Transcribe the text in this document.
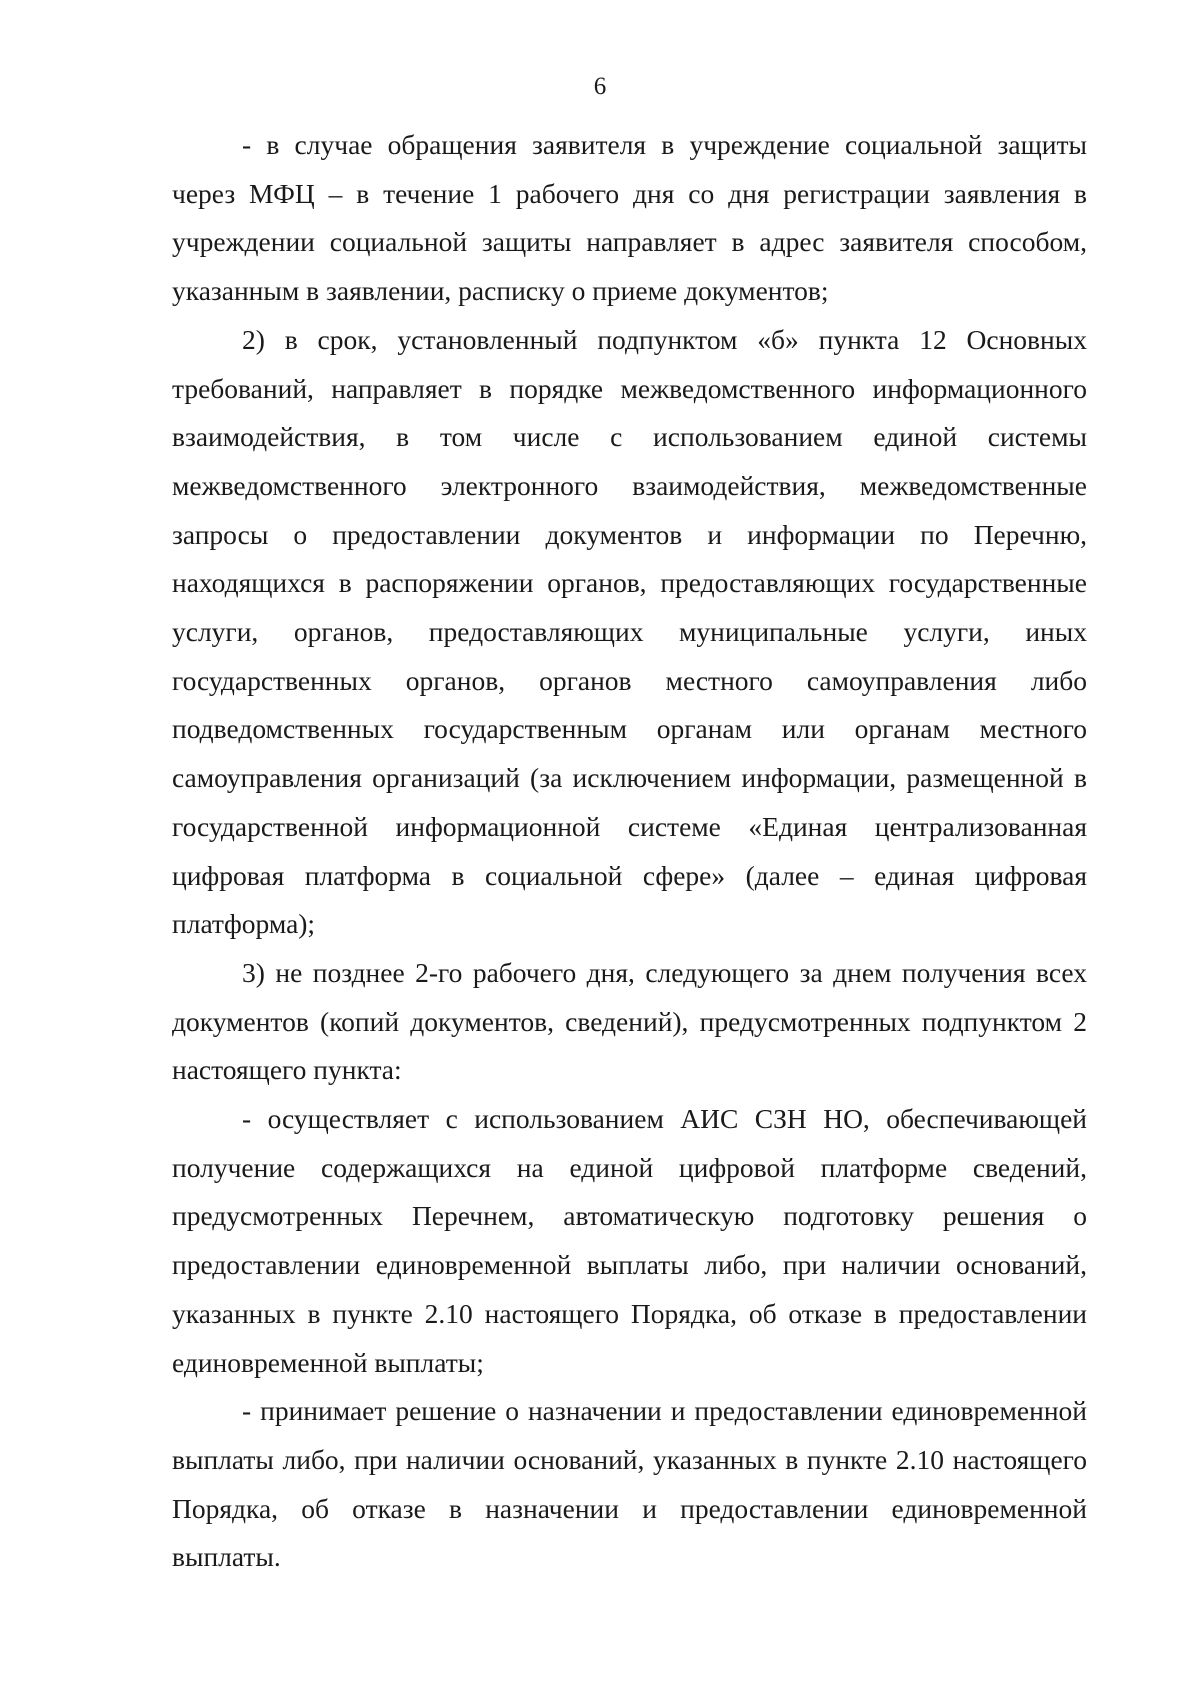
6

- в случае обращения заявителя в учреждение социальной защиты через МФЦ – в течение 1 рабочего дня со дня регистрации заявления в учреждении социальной защиты направляет в адрес заявителя способом, указанным в заявлении, расписку о приеме документов;

2) в срок, установленный подпунктом «б» пункта 12 Основных требований, направляет в порядке межведомственного информационного взаимодействия, в том числе с использованием единой системы межведомственного электронного взаимодействия, межведомственные запросы о предоставлении документов и информации по Перечню, находящихся в распоряжении органов, предоставляющих государственные услуги, органов, предоставляющих муниципальные услуги, иных государственных органов, органов местного самоуправления либо подведомственных государственным органам или органам местного самоуправления организаций (за исключением информации, размещенной в государственной информационной системе «Единая централизованная цифровая платформа в социальной сфере» (далее – единая цифровая платформа);

3) не позднее 2-го рабочего дня, следующего за днем получения всех документов (копий документов, сведений), предусмотренных подпунктом 2 настоящего пункта:

- осуществляет с использованием АИС СЗН НО, обеспечивающей получение содержащихся на единой цифровой платформе сведений, предусмотренных Перечнем, автоматическую подготовку решения о предоставлении единовременной выплаты либо, при наличии оснований, указанных в пункте 2.10 настоящего Порядка, об отказе в предоставлении единовременной выплаты;

- принимает решение о назначении и предоставлении единовременной выплаты либо, при наличии оснований, указанных в пункте 2.10 настоящего Порядка, об отказе в назначении и предоставлении единовременной выплаты.
